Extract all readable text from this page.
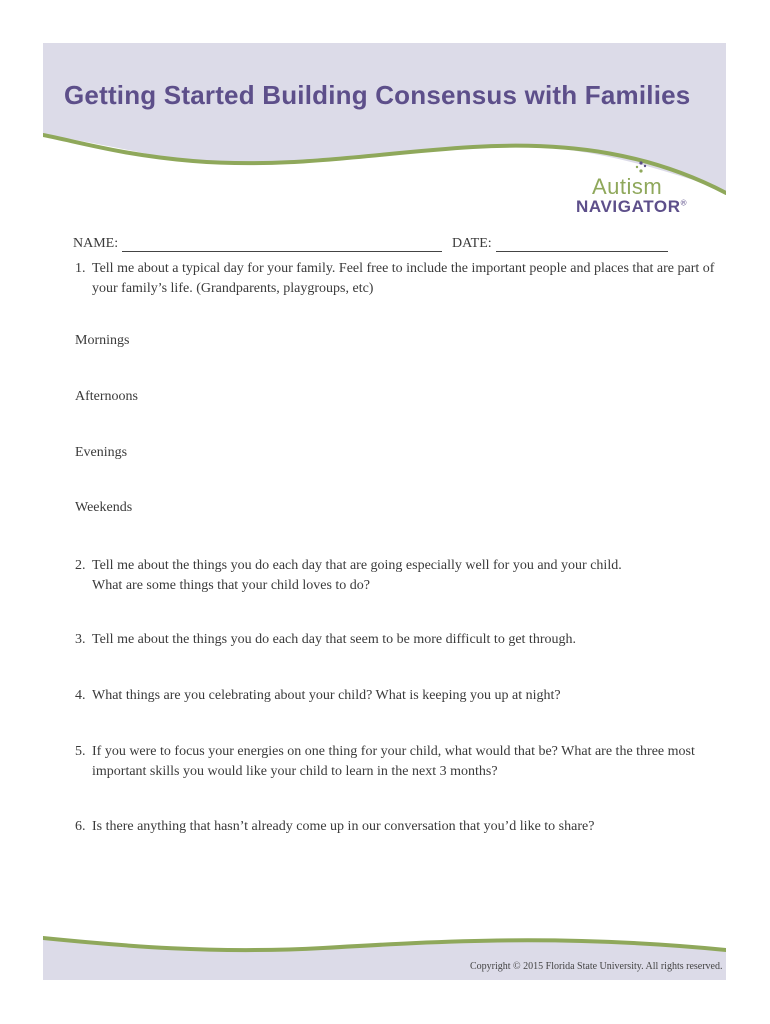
Getting Started Building Consensus with Families
Autism
NAVIGATOR®
NAME:	DATE:
1. Tell me about a typical day for your family. Feel free to include the important people and places that are part of your family’s life. (Grandparents, playgroups, etc)

Mornings

Afternoons

Evenings

Weekends

2. Tell me about the things you do each day that are going especially well for you and your child. What are some things that your child loves to do?
3. Tell me about the things you do each day that seem to be more difficult to get through.
4. What things are you celebrating about your child? What is keeping you up at night?
5. If you were to focus your energies on one thing for your child, what would that be? What are the three most important skills you would like your child to learn in the next 3 months?
6. Is there anything that hasn’t already come up in our conversation that you’d like to share?
Copyright © 2015 Florida State University. All rights reserved.
